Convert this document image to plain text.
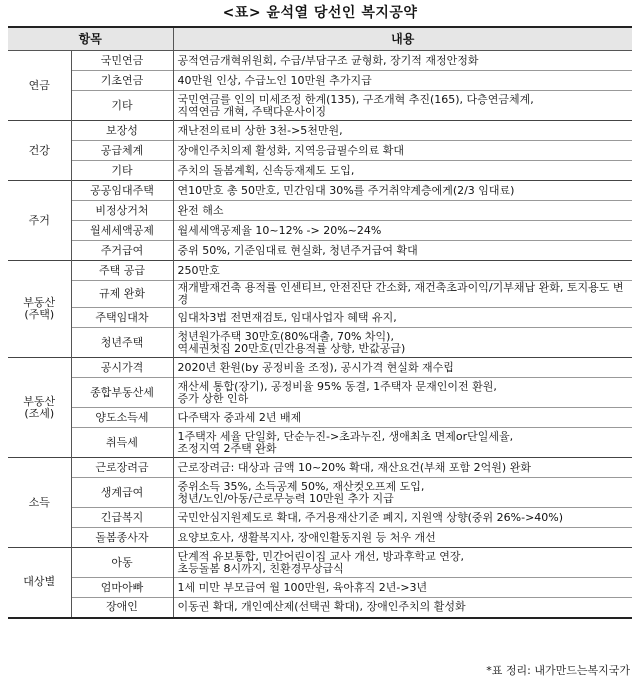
<표> 윤석열 당선인 복지공약
항목		내용
연금	국민연금	공적연금개혁위원회, 수급/부담구조 균형화, 장기적 재정안정화
	기초연금	40만원 인상, 수급노인 10만원 추가지급
	기타	국민연금를 인의 미세조정 한계(135), 구조개혁 추진(165), 다층연금체계,
직역연금 개혁, 주택다운사이징
건강	보장성	재난전의료비 상한 3천->5천만원,
	공급체계	장애인주치의제 활성화, 지역응급필수의료 확대
	기타	주치의 돌봄계획, 신속등재제도 도입,
주거	공공임대주택	연10만호 총 50만호, 민간임대 30%를 주거취약계층에게(2/3 임대료)
	비정상거처	완전 해소
	월세세액공제	월세세액공제율 10~12% -> 20%~24%
	주거급여	중위 50%, 기준임대료 현실화, 청년주거급여 확대
부동산
(주택)	주택 공급	250만호
	규제 완화	재개발재건축 용적률 인센티브, 안전진단 간소화, 재건축초과이익/기부채납 완화, 토지용도 변경
	주택임대차	임대차3법 전면재검토, 임대사업자 혜택 유지,
	청년주택	청년원가주택 30만호(80%대출, 70% 차익),
역세권첫집 20만호(민간용적률 상향, 반값공급)
부동산
(조세)	공시가격	2020년 환원(by 공정비율 조정), 공시가격 현실화 재수립
	종합부동산세	재산세 통합(장기), 공정비율 95% 동결, 1주택자 문재인이전 환원,
증가 상한 인하
	양도소득세	다주택자 중과세 2년 배제
	취득세	1주택자 세율 단일화, 단순누진->초과누진, 생애최초 면제or단일세율,
조정지역 2주택 완화
소득	근로장려금	근로장려금: 대상과 금액 10~20% 확대, 재산요건(부채 포함 2억원) 완화
	생계급여	중위소득 35%, 소득공제 50%, 재산컷오프제 도입,
청년/노인/아동/근로무능력 10만원 추가 지급
	긴급복지	국민안심지원제도로 확대, 주거용재산기준 폐지, 지원액 상향(중위 26%->40%)
	돌봄종사자	요양보호사, 생활복지사, 장애인활동지원 등 처우 개선
대상별	아동	단계적 유보통합, 민간어린이집 교사 개선, 방과후학교 연장,
초등돌봄 8시까지, 친환경무상급식
	엄마아빠	1세 미만 부모급여 월 100만원, 육아휴직 2년->3년
	장애인	이동권 확대, 개인예산제(선택권 확대), 장애인주치의 활성화
*표 정리: 내가만드는복지국가
